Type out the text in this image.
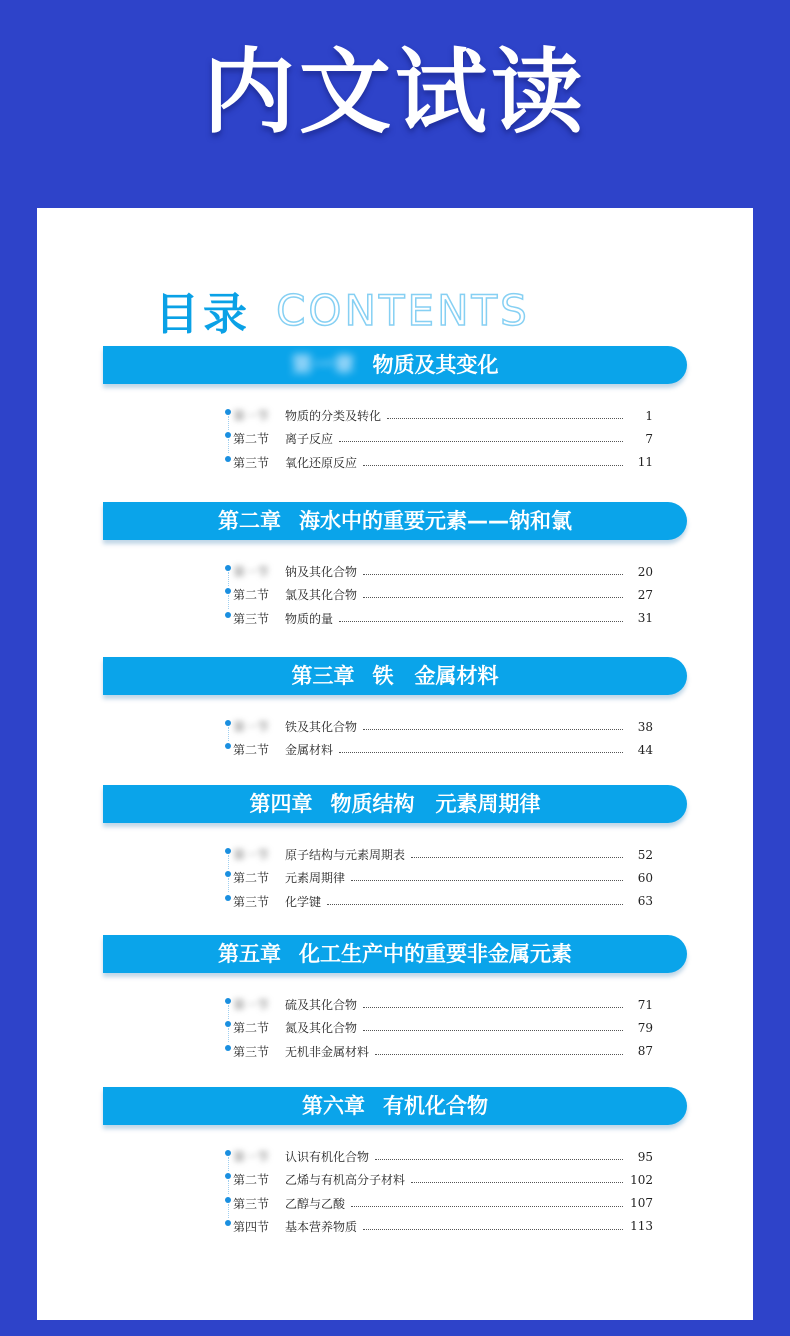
内文试读
目录 CONTENTS
第一章 物质及其变化
第一节	物质的分类及转化	1
第二节	离子反应	7
第三节	氧化还原反应	11
第二章 海水中的重要元素——钠和氯
第一节	钠及其化合物	20
第二节	氯及其化合物	27
第三节	物质的量	31
第三章 铁　金属材料
第一节	铁及其化合物	38
第二节	金属材料	44
第四章 物质结构　元素周期律
第一节	原子结构与元素周期表	52
第二节	元素周期律	60
第三节	化学键	63
第五章 化工生产中的重要非金属元素
第一节	硫及其化合物	71
第二节	氮及其化合物	79
第三节	无机非金属材料	87
第六章 有机化合物
第一节	认识有机化合物	95
第二节	乙烯与有机高分子材料	102
第三节	乙醇与乙酸	107
第四节	基本营养物质	113
